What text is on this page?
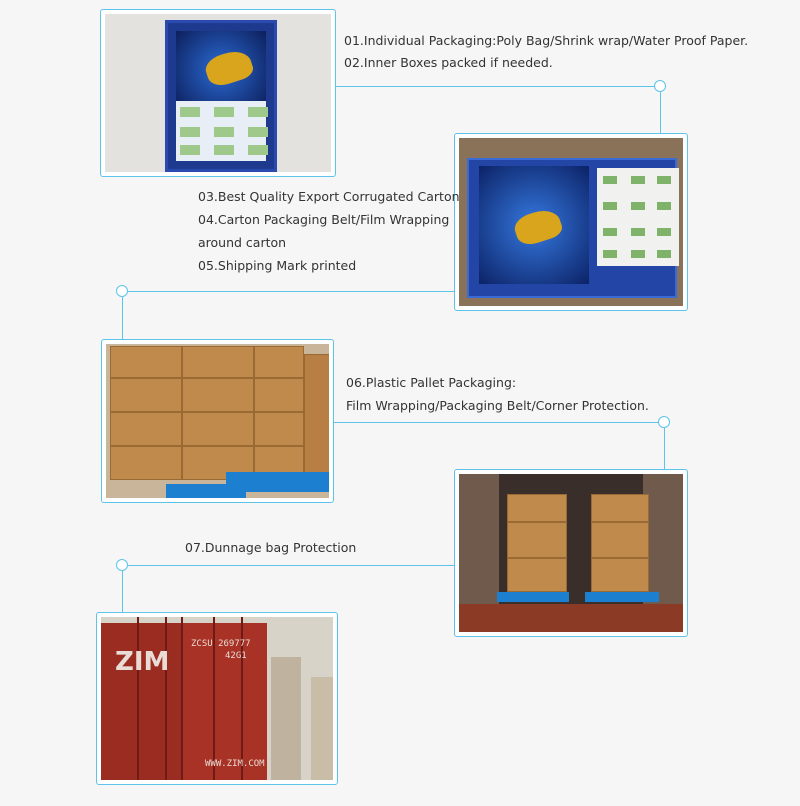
01.Individual Packaging:Poly Bag/Shrink wrap/Water Proof Paper.
02.Inner Boxes packed if needed.
03.Best Quality Export Corrugated Carton
04.Carton Packaging Belt/Film Wrapping
around carton
05.Shipping Mark printed
06.Plastic Pallet Packaging:
Film Wrapping/Packaging Belt/Corner Protection.
07.Dunnage bag Protection
ZIM
ZCSU 269777
42G1
WWW.ZIM.COM
